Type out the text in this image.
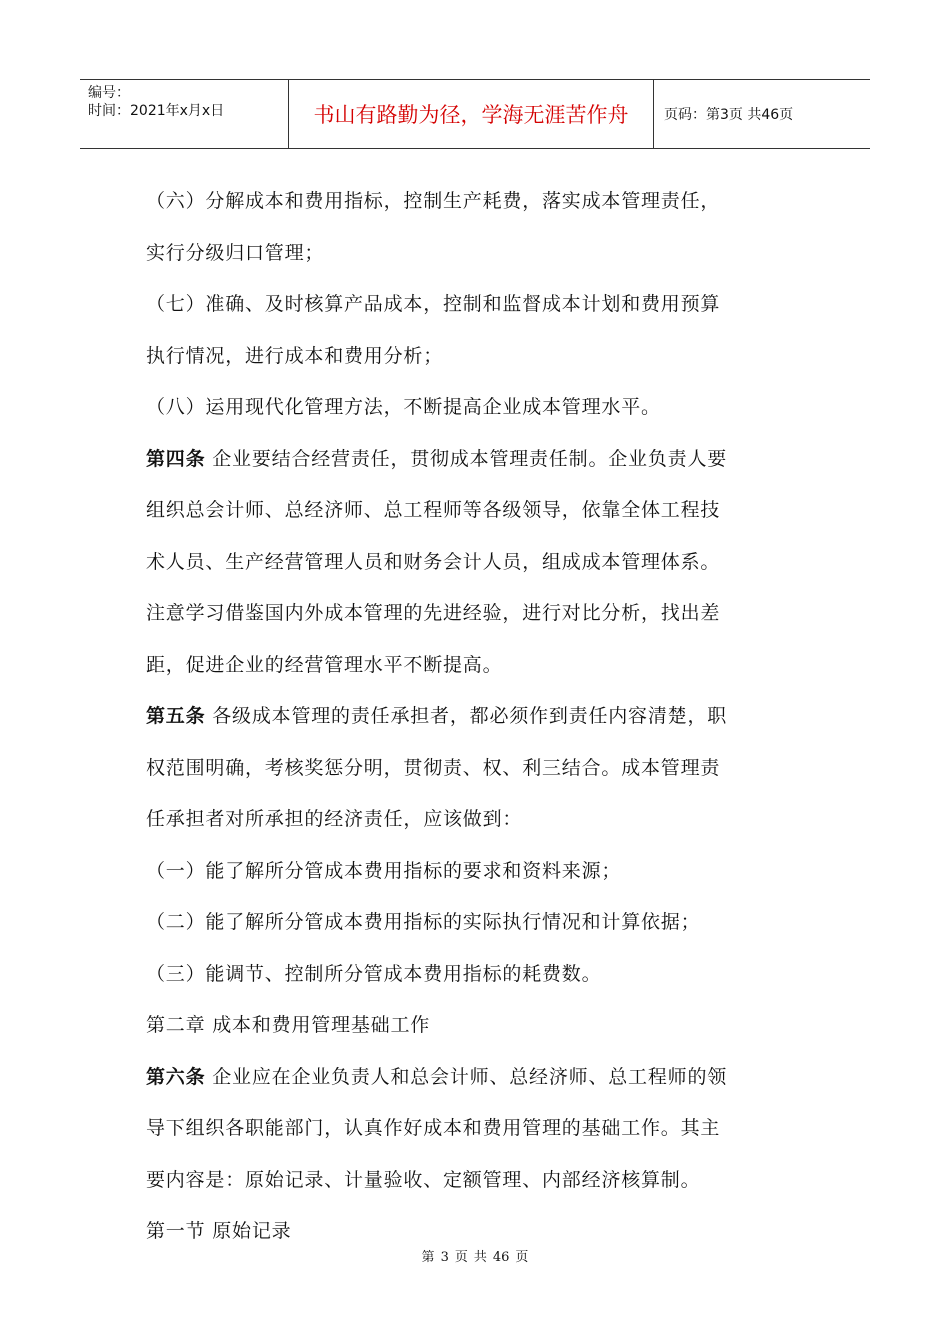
编号：
时间：2021年x月x日	书山有路勤为径，学海无涯苦作舟	页码：第3页 共46页
（六）分解成本和费用指标，控制生产耗费，落实成本管理责任，
实行分级归口管理；
（七）准确、及时核算产品成本，控制和监督成本计划和费用预算
执行情况，进行成本和费用分析；
（八）运用现代化管理方法，不断提高企业成本管理水平。
第四条 企业要结合经营责任，贯彻成本管理责任制。企业负责人要
组织总会计师、总经济师、总工程师等各级领导，依靠全体工程技
术人员、生产经营管理人员和财务会计人员，组成成本管理体系。
注意学习借鉴国内外成本管理的先进经验，进行对比分析，找出差
距，促进企业的经营管理水平不断提高。
第五条 各级成本管理的责任承担者，都必须作到责任内容清楚，职
权范围明确，考核奖惩分明，贯彻责、权、利三结合。成本管理责
任承担者对所承担的经济责任，应该做到：
（一）能了解所分管成本费用指标的要求和资料来源；
（二）能了解所分管成本费用指标的实际执行情况和计算依据；
（三）能调节、控制所分管成本费用指标的耗费数。
第二章 成本和费用管理基础工作
第六条 企业应在企业负责人和总会计师、总经济师、总工程师的领
导下组织各职能部门，认真作好成本和费用管理的基础工作。其主
要内容是：原始记录、计量验收、定额管理、内部经济核算制。
第一节 原始记录
第 3 页 共 46 页
